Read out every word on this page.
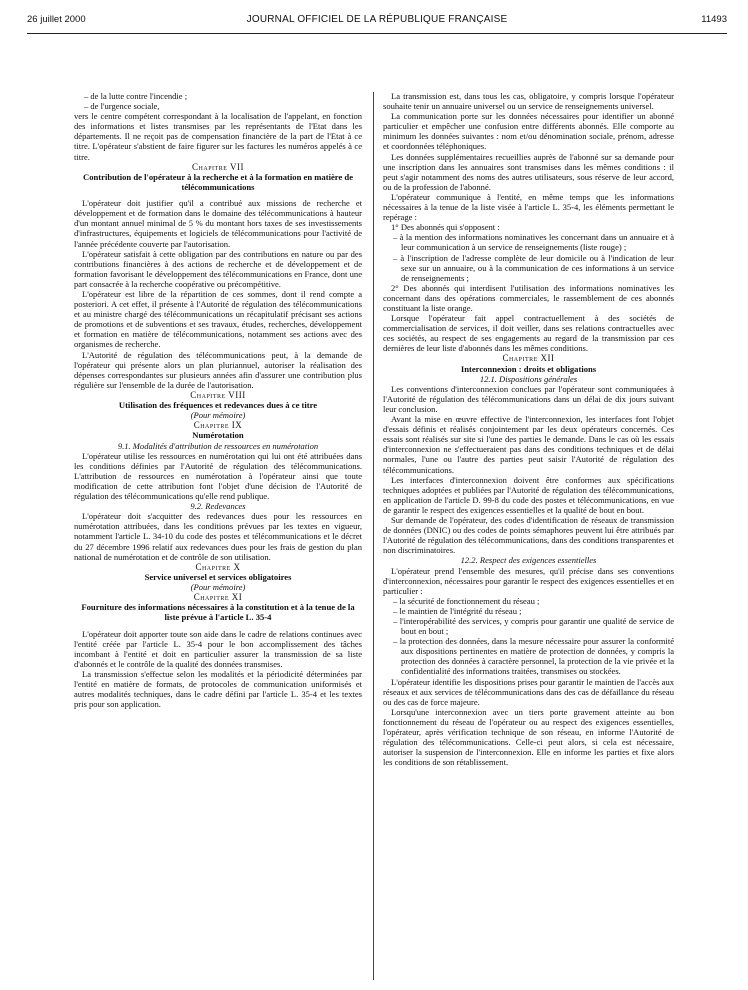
26 juillet 2000	JOURNAL OFFICIEL DE LA RÉPUBLIQUE FRANÇAISE	11493

– de la lutte contre l'incendie ;

– de l'urgence sociale,

vers le centre compétent correspondant à la localisation de l'appelant, en fonction des informations et listes transmises par les représentants de l'Etat dans les départements. Il ne reçoit pas de compensation financière de la part de l'Etat à ce titre. L'opérateur s'abstient de faire figurer sur les factures les numéros appelés à ce titre.

Chapitre VII

Contribution de l'opérateur à la recherche et à la formation en matière de télécommunications

L'opérateur doit justifier qu'il a contribué aux missions de recherche et développement et de formation dans le domaine des télécommunications à hauteur d'un montant annuel minimal de 5 % du montant hors taxes de ses investissements d'infrastructures, équipements et logiciels de télécommunications pour l'activité de l'année précédente couverte par l'autorisation.

L'opérateur satisfait à cette obligation par des contributions en nature ou par des contributions financières à des actions de recherche et de développement et de formation favorisant le développement des télécommunications en France, dont une part consacrée à la recherche coopérative ou précompétitive.

L'opérateur est libre de la répartition de ces sommes, dont il rend compte a posteriori. A cet effet, il présente à l'Autorité de régulation des télécommunications et au ministre chargé des télécommunications un récapitulatif précisant ses actions de promotions et de subventions et ses travaux, études, recherches, développement et formation en matière de télécommunications, notamment ses actions avec des organismes de recherche.

L'Autorité de régulation des télécommunications peut, à la demande de l'opérateur qui présente alors un plan pluriannuel, autoriser la réalisation des dépenses correspondantes sur plusieurs années afin d'assurer une contribution plus régulière sur l'ensemble de la durée de l'autorisation.

Chapitre VIII

Utilisation des fréquences et redevances dues à ce titre

(Pour mémoire)

Chapitre IX

Numérotation

9.1. Modalités d'attribution de ressources en numérotation

L'opérateur utilise les ressources en numérotation qui lui ont été attribuées dans les conditions définies par l'Autorité de régulation des télécommunications. L'attribution de ressources en numérotation à l'opérateur ainsi que toute modification de cette attribution font l'objet d'une décision de l'Autorité de régulation des télécommunications qu'elle rend publique.

9.2. Redevances

L'opérateur doit s'acquitter des redevances dues pour les ressources en numérotation attribuées, dans les conditions prévues par les textes en vigueur, notamment l'article L. 34-10 du code des postes et télécommunications et le décret du 27 décembre 1996 relatif aux redevances dues pour les frais de gestion du plan national de numérotation et de contrôle de son utilisation.

Chapitre X

Service universel et services obligatoires

(Pour mémoire)

Chapitre XI

Fourniture des informations nécessaires à la constitution et à la tenue de la liste prévue à l'article L. 35-4

L'opérateur doit apporter toute son aide dans le cadre de relations continues avec l'entité créée par l'article L. 35-4 pour le bon accomplissement des tâches incombant à l'entité et doit en particulier assurer la transmission de sa liste d'abonnés et le contrôle de la qualité des données transmises.

La transmission s'effectue selon les modalités et la périodicité déterminées par l'entité en matière de formats, de protocoles de communication uniformisés et autres modalités techniques, dans le cadre défini par l'article L. 35-4 et les textes pris pour son application.

La transmission est, dans tous les cas, obligatoire, y compris lorsque l'opérateur souhaite tenir un annuaire universel ou un service de renseignements universel.

La communication porte sur les données nécessaires pour identifier un abonné particulier et empêcher une confusion entre différents abonnés. Elle comporte au minimum les données suivantes : nom et/ou dénomination sociale, prénom, adresse et coordonnées téléphoniques.

Les données supplémentaires recueillies auprès de l'abonné sur sa demande pour une inscription dans les annuaires sont transmises dans les mêmes conditions : il peut s'agir notamment des noms des autres utilisateurs, sous réserve de leur accord, ou de la profession de l'abonné.

L'opérateur communique à l'entité, en même temps que les informations nécessaires à la tenue de la liste visée à l'article L. 35-4, les éléments permettant le repérage :

1° Des abonnés qui s'opposent :

– à la mention des informations nominatives les concernant dans un annuaire et à leur communication à un service de renseignements (liste rouge) ;

– à l'inscription de l'adresse complète de leur domicile ou à l'indication de leur sexe sur un annuaire, ou à la communication de ces informations à un service de renseignements ;

2° Des abonnés qui interdisent l'utilisation des informations nominatives les concernant dans des opérations commerciales, le rassemblement de ces abonnés constituant la liste orange.

Lorsque l'opérateur fait appel contractuellement à des sociétés de commercialisation de services, il doit veiller, dans ses relations contractuelles avec ces sociétés, au respect de ses engagements au regard de la transmission par ces dernières de leur liste d'abonnés dans les mêmes conditions.

Chapitre XII

Interconnexion : droits et obligations

12.1. Dispositions générales

Les conventions d'interconnexion conclues par l'opérateur sont communiquées à l'Autorité de régulation des télécommunications dans un délai de dix jours suivant leur conclusion.

Avant la mise en œuvre effective de l'interconnexion, les interfaces font l'objet d'essais définis et réalisés conjointement par les deux opérateurs concernés. Ces essais sont réalisés sur site si l'une des parties le demande. Dans le cas où les essais d'interconnexion ne s'effectueraient pas dans des conditions techniques et de délai normales, l'une ou l'autre des parties peut saisir l'Autorité de régulation des télécommunications.

Les interfaces d'interconnexion doivent être conformes aux spécifications techniques adoptées et publiées par l'Autorité de régulation des télécommunications, en application de l'article D. 99-8 du code des postes et télécommunications, en vue de garantir le respect des exigences essentielles et la qualité de bout en bout.

Sur demande de l'opérateur, des codes d'identification de réseaux de transmission de données (DNIC) ou des codes de points sémaphores peuvent lui être attribués par l'Autorité de régulation des télécommunications, dans des conditions transparentes et non discriminatoires.

12.2. Respect des exigences essentielles

L'opérateur prend l'ensemble des mesures, qu'il précise dans ses conventions d'interconnexion, nécessaires pour garantir le respect des exigences essentielles et en particulier :

– la sécurité de fonctionnement du réseau ;

– le maintien de l'intégrité du réseau ;

– l'interopérabilité des services, y compris pour garantir une qualité de service de bout en bout ;

– la protection des données, dans la mesure nécessaire pour assurer la conformité aux dispositions pertinentes en matière de protection de données, y compris la protection des données à caractère personnel, la protection de la vie privée et la confidentialité des informations traitées, transmises ou stockées.

L'opérateur identifie les dispositions prises pour garantir le maintien de l'accès aux réseaux et aux services de télécommunications dans des cas de défaillance du réseau ou des cas de force majeure.

Lorsqu'une interconnexion avec un tiers porte gravement atteinte au bon fonctionnement du réseau de l'opérateur ou au respect des exigences essentielles, l'opérateur, après vérification technique de son réseau, en informe l'Autorité de régulation des télécommunications. Celle-ci peut alors, si cela est nécessaire, autoriser la suspension de l'interconnexion. Elle en informe les parties et fixe alors les conditions de son rétablissement.
